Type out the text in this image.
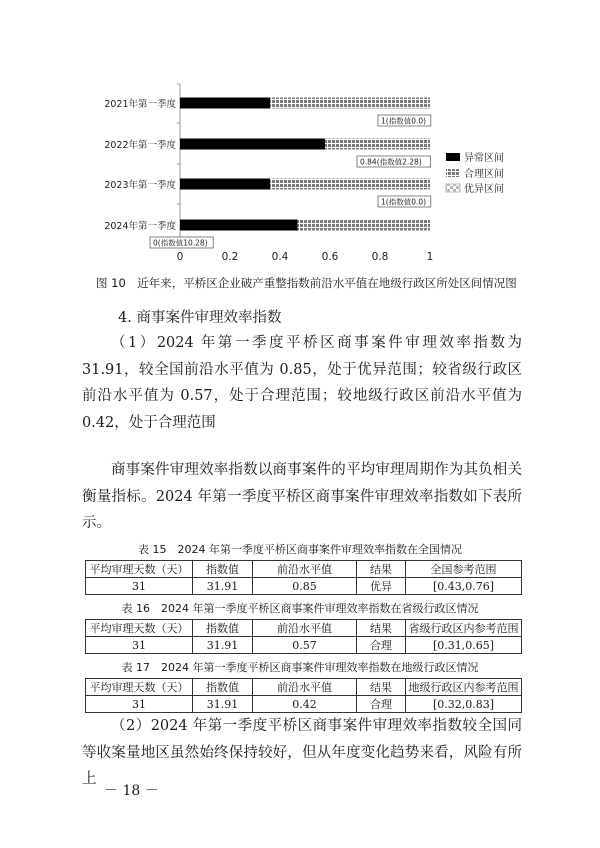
2021年第一季度
2022年第一季度
2023年第一季度
2024年第一季度
1(指数值0.0)
0.84(指数值2.28)
1(指数值0.0)
0(指数值10.28)
0	0.2	0.4	0.6	0.8	1
异常区间
合理区间
优异区间
图 10　近年来，平桥区企业破产重整指数前沿水平值在地级行政区所处区间情况图
4. 商事案件审理效率指数
（1）2024 年第一季度平桥区商事案件审理效率指数为 31.91，较全国前沿水平值为 0.85，处于优异范围；较省级行政区前沿水平值为 0.57，处于合理范围；较地级行政区前沿水平值为 0.42，处于合理范围
商事案件审理效率指数以商事案件的平均审理周期作为其负相关衡量指标。2024 年第一季度平桥区商事案件审理效率指数如下表所示。
表 15　2024 年第一季度平桥区商事案件审理效率指数在全国情况
平均审理天数（天）	指数值	前沿水平值	结果	全国参考范围
31	31.91	0.85	优异	[0.43,0.76]
表 16　2024 年第一季度平桥区商事案件审理效率指数在省级行政区情况
平均审理天数（天）	指数值	前沿水平值	结果	省级行政区内参考范围
31	31.91	0.57	合理	[0.31,0.65]
表 17　2024 年第一季度平桥区商事案件审理效率指数在地级行政区情况
平均审理天数（天）	指数值	前沿水平值	结果	地级行政区内参考范围
31	31.91	0.42	合理	[0.32,0.83]
（2）2024 年第一季度平桥区商事案件审理效率指数较全国同等收案量地区虽然始终保持较好，但从年度变化趋势来看，风险有所上
－ 18 －
